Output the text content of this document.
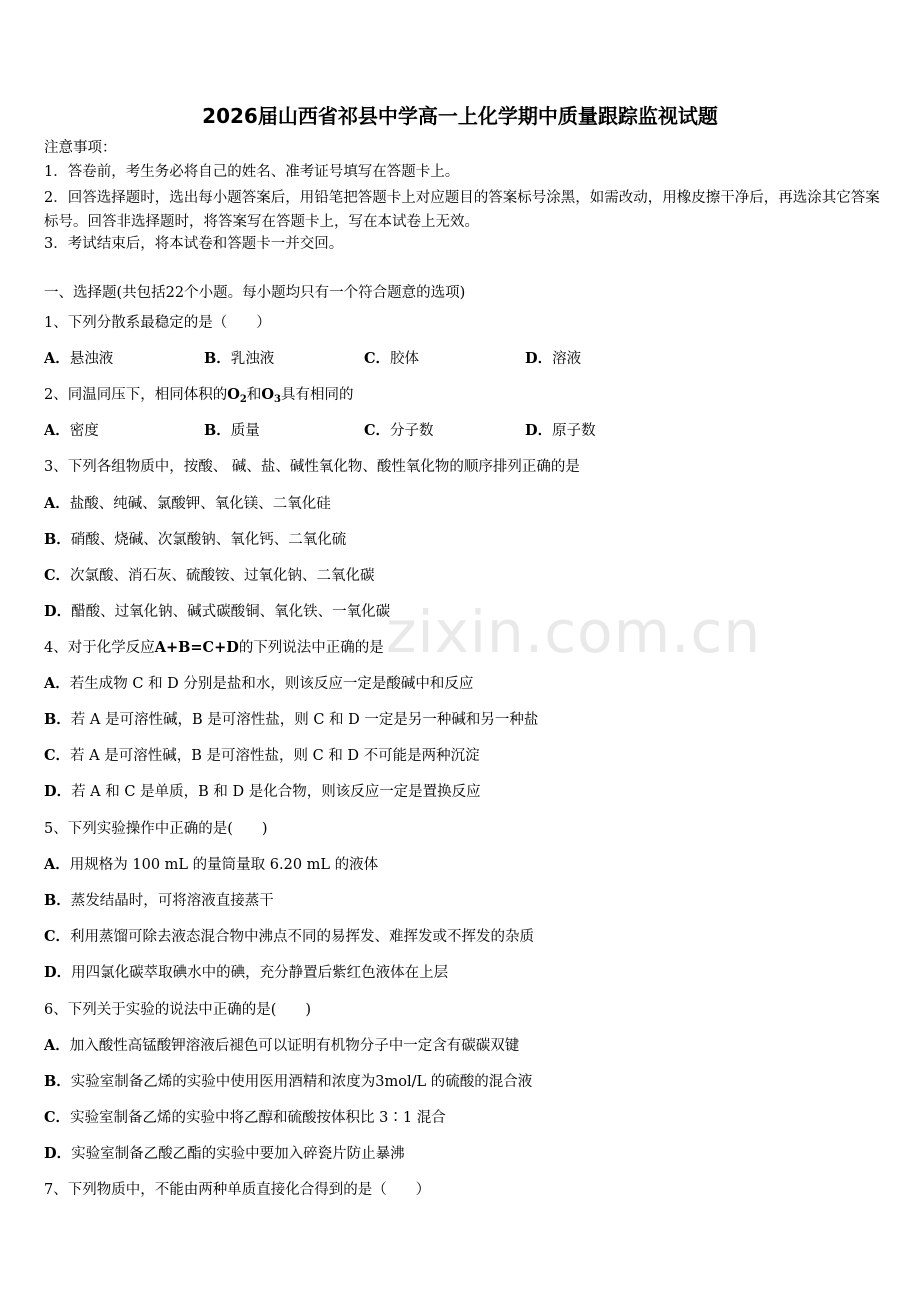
2026届山西省祁县中学高一上化学期中质量跟踪监视试题
注意事项：
1．答卷前，考生务必将自己的姓名、准考证号填写在答题卡上。
2．回答选择题时，选出每小题答案后，用铅笔把答题卡上对应题目的答案标号涂黑，如需改动，用橡皮擦干净后，再选涂其它答案标号。回答非选择题时，将答案写在答题卡上，写在本试卷上无效。
3．考试结束后，将本试卷和答题卡一并交回。
一、选择题(共包括22个小题。每小题均只有一个符合题意的选项)
1、下列分散系最稳定的是（　　）
A．悬浊液	B．乳浊液	C．胶体	D．溶液
2、同温同压下，相同体积的$O_2$和$O_3$具有相同的
A．密度	B．质量	C．分子数	D．原子数
3、下列各组物质中，按酸、 碱、盐、碱性氧化物、酸性氧化物的顺序排列正确的是
A．盐酸、纯碱、氯酸钾、氧化镁、二氧化硅
B．硝酸、烧碱、次氯酸钠、氧化钙、二氧化硫
C．次氯酸、消石灰、硫酸铵、过氧化钠、二氧化碳
D．醋酸、过氧化钠、碱式碳酸铜、氧化铁、一氧化碳
4、对于化学反应A+B=C+D的下列说法中正确的是
A．若生成物 C 和 D 分别是盐和水，则该反应一定是酸碱中和反应
B．若 A 是可溶性碱，B 是可溶性盐，则 C 和 D 一定是另一种碱和另一种盐
C．若 A 是可溶性碱，B 是可溶性盐，则 C 和 D 不可能是两种沉淀
D．若 A 和 C 是单质，B 和 D 是化合物，则该反应一定是置换反应
5、下列实验操作中正确的是(　　)
A．用规格为 100 mL 的量筒量取 6.20 mL 的液体
B．蒸发结晶时，可将溶液直接蒸干
C．利用蒸馏可除去液态混合物中沸点不同的易挥发、难挥发或不挥发的杂质
D．用四氯化碳萃取碘水中的碘，充分静置后紫红色液体在上层
6、下列关于实验的说法中正确的是(　　)
A．加入酸性高锰酸钾溶液后褪色可以证明有机物分子中一定含有碳碳双键
B．实验室制备乙烯的实验中使用医用酒精和浓度为3mol/L 的硫酸的混合液
C．实验室制备乙烯的实验中将乙醇和硫酸按体积比 3∶1 混合
D．实验室制备乙酸乙酯的实验中要加入碎瓷片防止暴沸
7、下列物质中，不能由两种单质直接化合得到的是（　　）
zixin.com.cn
